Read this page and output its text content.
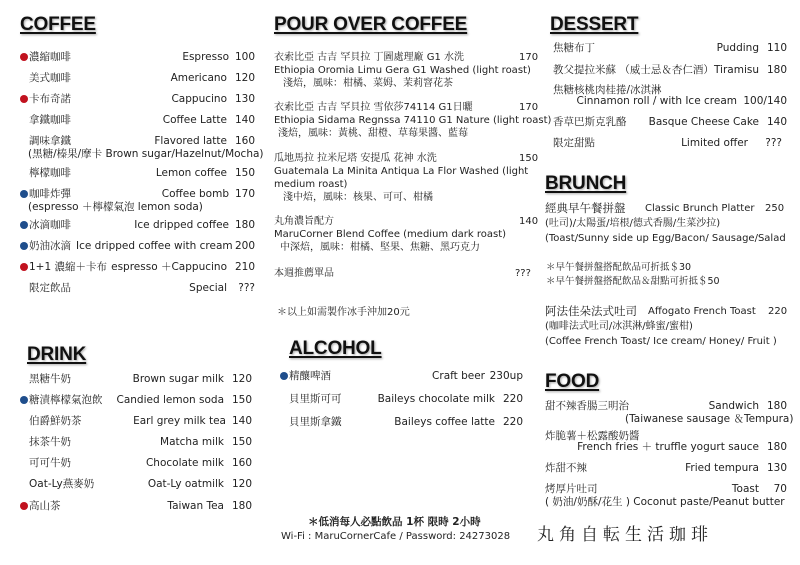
COFFEE
濃縮咖啡	Espresso 100
美式咖啡	Americano 120
卡布奇諾	Cappucino 130
拿鐵咖啡	Coffee Latte 140
調味拿鐵	Flavored latte 160
(黑糖/榛果/摩卡 Brown sugar/Hazelnut/Mocha)
檸檬咖啡	Lemon coffee 150
咖啡炸彈	Coffee bomb 170
(espresso ＋檸檬氣泡 lemon soda)
冰滴咖啡	Ice dripped coffee 180
奶油冰滴 Ice dripped coffee with cream 200
1+1 濃縮＋卡布 espresso ＋Cappucino 210
限定飲品	Special ???
DRINK
黑糖牛奶	Brown sugar milk 120
糖漬檸檬氣泡飲 Candied lemon soda 150
伯爵鮮奶茶	Earl grey milk tea 140
抹茶牛奶	Matcha milk 150
可可牛奶	Chocolate milk 160
Oat-Ly燕麥奶	Oat-Ly oatmilk 120
高山茶	Taiwan Tea 180
POUR OVER COFFEE
衣索比亞 古吉 罕貝拉 丁圖處理廠 G1 水洗	170
Ethiopia Oromia Limu Gera G1 Washed (light roast)
淺焙，風味：柑橘、菜姆、茉莉窨花茶
衣索比亞 古吉 罕貝拉 雪依莎74114 G1日曬	170
Ethiopia Sidama Regnssa 74110 G1 Nature (light roast)
淺焙，風味：黃桃、甜橙、草莓果醬、藍莓
瓜地馬拉 拉米尼塔 安提瓜 花神 水洗	150
Guatemala La Minita Antiqua La Flor Washed (light
medium roast)
淺中焙，風味：核果、可可、柑橘
丸角濃旨配方	140
MaruCorner Blend Coffee (medium dark roast)
中深焙，風味：柑橘、堅果、焦糖、黑巧克力
本週推薦單品	???
＊以上如需製作冰手沖加20元
ALCOHOL
精釀啤酒	Craft beer 230up
貝里斯可可	Baileys chocolate milk 220
貝里斯拿鐵	Baileys coffee latte 220
DESSERT
焦糖布丁	Pudding 110
教父提拉米蘇 （威士忌＆杏仁酒） Tiramisu 180
焦糖核桃肉桂捲/冰淇淋
Cinnamon roll / with Ice cream 100/140
香草巴斯克乳酪 Basque Cheese Cake 140
限定甜點	Limited offer ???
BRUNCH
經典早午餐拼盤 Classic Brunch Platter 250
(吐司)/太陽蛋/培根/德式香腸/生菜沙拉)
(Toast/Sunny side up Egg/Bacon/ Sausage/Salad
＊早午餐拼盤搭配飲品可折抵＄30
＊早午餐拼盤搭配飲品＆甜點可折抵＄50
阿法佳朵法式吐司 Affogato French Toast 220
(咖啡法式吐司/冰淇淋/蜂蜜/蜜柑)
(Coffee French Toast/ Ice cream/ Honey/ Fruit )
FOOD
甜不辣香腸三明治	Sandwich 180
(Taiwanese sausage ＆Tempura)
炸脆薯＋松露酸奶醬
French fries ＋ truffle yogurt sauce 180
炸甜不辣	Fried tempura 130
烤厚片吐司	Toast 70
( 奶油/奶酥/花生 ) Coconut paste/Peanut butter
＊低消每人必點飲品 1杯 限時 2小時
Wi-Fi : MaruCornerCafe / Password: 24273028 丸角自転生活珈琲
